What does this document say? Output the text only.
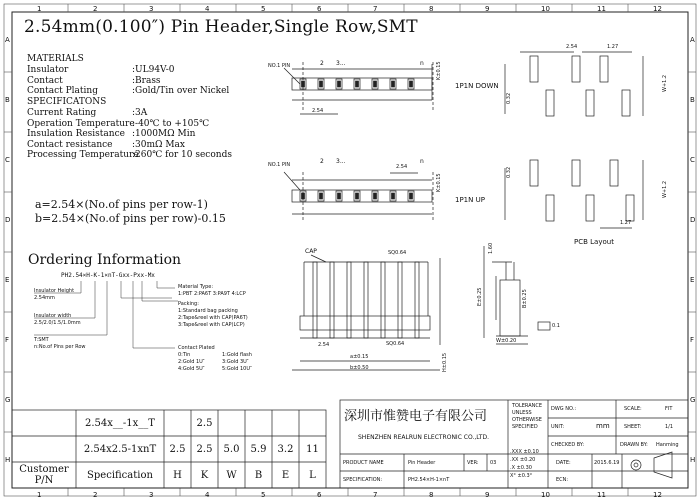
1
1
2
2
3
3
4
4
5
5
6
6
7
7
8
8
9
9
10
10
11
11
12
12
A	A
B	B
C	C
D	D
E	E
F	F
G	G
H	H
2.54mm(0.100″) Pin Header,Single Row,SMT
MATERIALS
Insulator	:UL94V-0
Contact	:Brass
Contact Plating	:Gold/Tin over Nickel
SPECIFICATONS
Current Rating	:3A
Operation Temperature
:-40℃ to +105℃
Insulation Resistance :1000MΩ Min
Contact resistance :30mΩ Max
Processing Temperature
:260℃ for 10 seconds
a=2.54×(No.of pins per row-1)
b=2.54×(No.of pins per row)-0.15
Ordering Information
PH2.54×H-K-1×nT-Gxx-Pxx-Mx
Insulator Height
2.54mm
Insulator width
2.5/2.0/1.5/1.0mm
T:SMT
n:No.of Pins per Row
Material Type:
1:PBT 2:PA6T 3:PA9T 4:LCP
Packing:
1:Standard bag packing
2:Tape&reel with CAP(PA6T)
3:Tape&reel with CAP(LCP)
Contact Plated
0:Tin
2:Gold 1U″
4:Gold 5U″
1:Gold flash
3:Gold 3U″
5:Gold 10U″
NO.1 PIN	2 3...	n
2.54
K±0.15
1P1N DOWN
NO.1 PIN	2 3...	n
2.54
K±0.15
1P1N UP
2.54	1.27
0.32
W+1.2
0.32
W+1.2
1.27
PCB Layout
CAP	SQ0.64
2.54	SQ0.64
a±0.15
b±0.50	H±0.15
E±0.25
1.60
B±0.25
0.1
W±0.20
2.54x__-1x__T	2.5
2.54x2.5-1xnT	2.5	2.5	5.0	5.9	3.2	11
Customer P/N	Specification	H	K	W	B	E	L
深圳市惟赞电子有限公司
SHENZHEN REALRUN ELECTRONIC CO.,LTD.
TOLERANCE
UNLESS
OTHERWISE
SPECIFIED
.XXX ±0.10
.XX ±0.20
.X ±0.30
X° ±0.3°
DWG NO.:	SCALE:	FIT
UNIT:	mm	SHEET:	1/1
CHECKED BY:	DRAWN BY: Hanming
PRODUCT NAME	Pin Header	VER: 03	DATE:	2015.6.19
SPECIFICATION:	PH2.54×H-1×nT	ECN:
